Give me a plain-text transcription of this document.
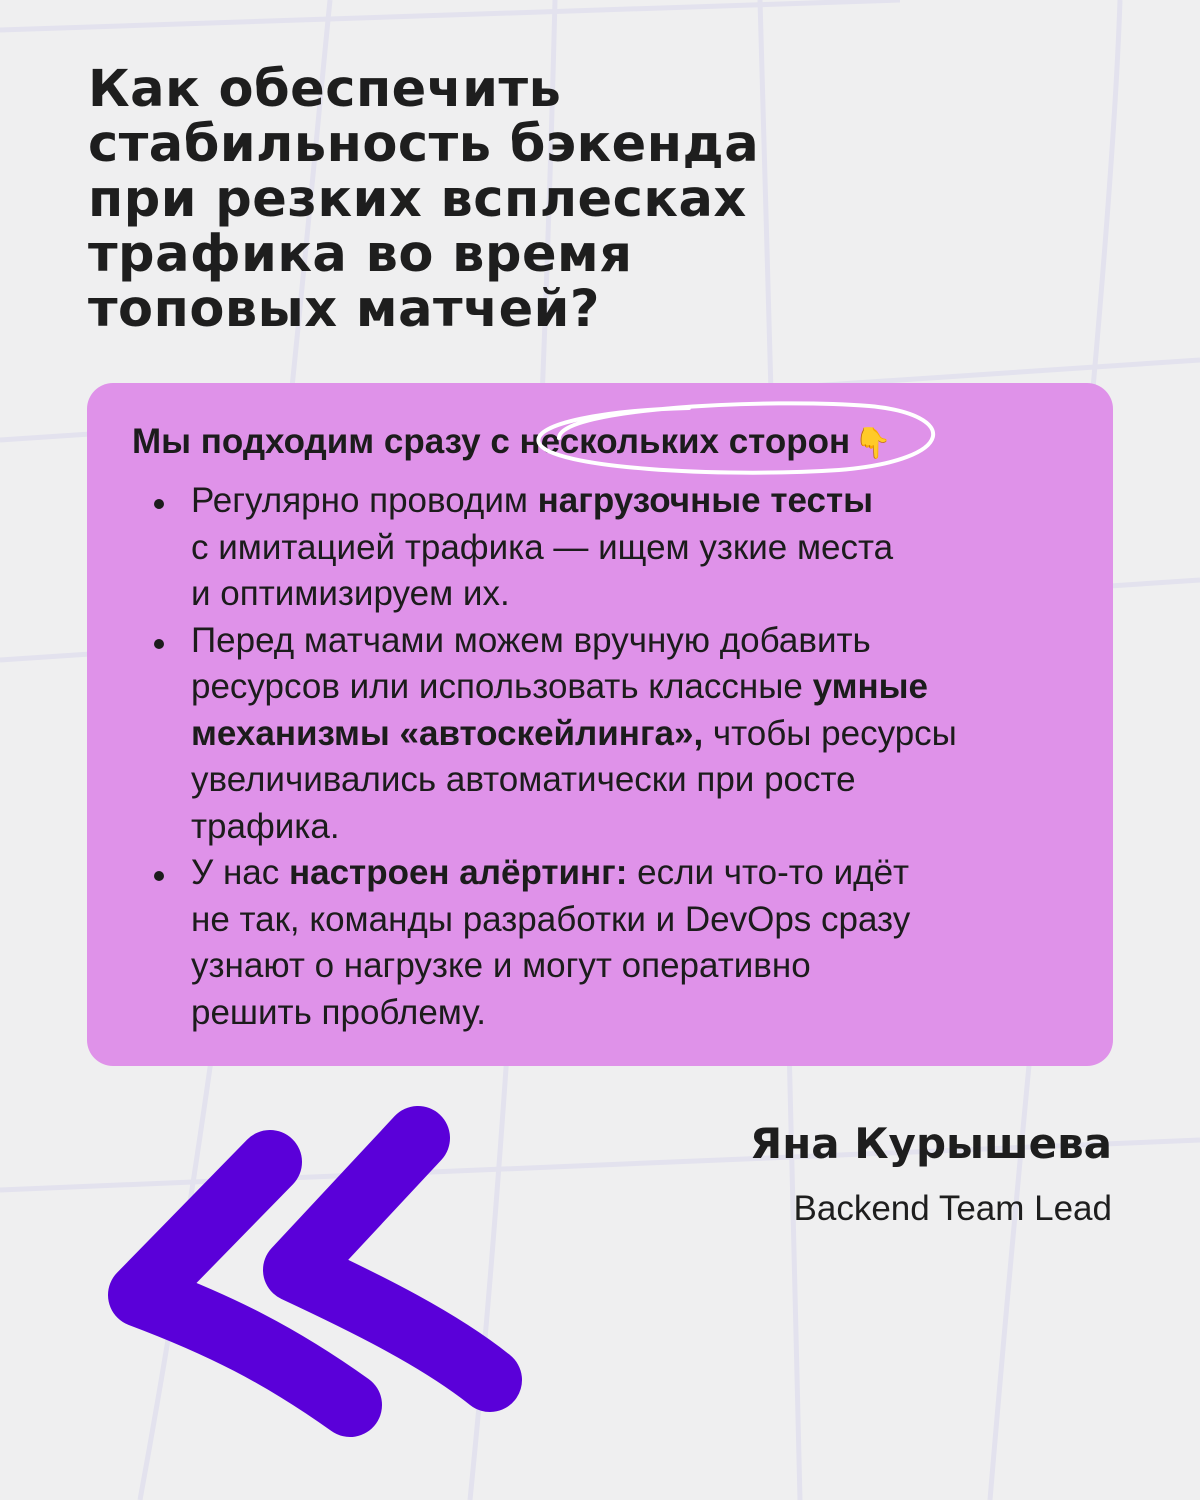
Как обеспечить
стабильность бэкенда
при резких всплесках
трафика во время
топовых матчей?

Мы подходим сразу с нескольких сторон 👇

Регулярно проводим нагрузочные тесты
с имитацией трафика — ищем узкие места
и оптимизируем их.
Перед матчами можем вручную добавить
ресурсов или использовать классные умные
механизмы «автоскейлинга», чтобы ресурсы
увеличивались автоматически при росте
трафика.
У нас настроен алёртинг: если что-то идёт
не так, команды разработки и DevOps сразу
узнают о нагрузке и могут оперативно
решить проблему.
Яна Курышева

Backend Team Lead
